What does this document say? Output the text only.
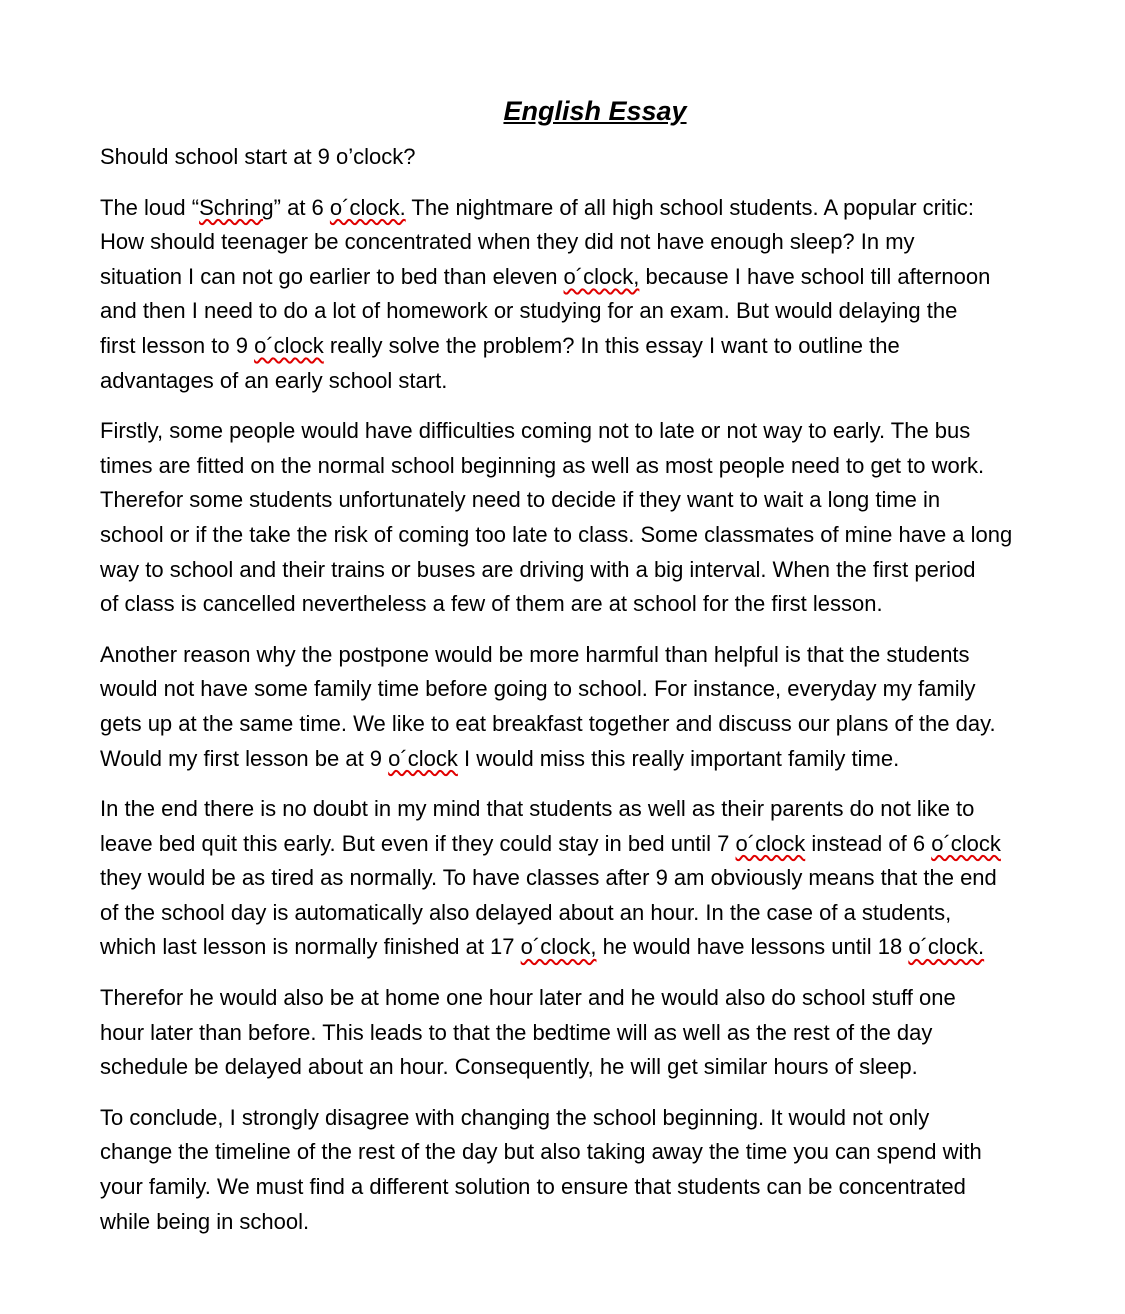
English Essay

Should school start at 9 o’clock?

The loud “Schring” at 6 o´clock. The nightmare of all high school students. A popular critic:
How should teenager be concentrated when they did not have enough sleep? In my
situation I can not go earlier to bed than eleven o´clock, because I have school till afternoon
and then I need to do a lot of homework or studying for an exam. But would delaying the
first lesson to 9 o´clock really solve the problem? In this essay I want to outline the
advantages of an early school start.

Firstly, some people would have difficulties coming not to late or not way to early. The bus
times are fitted on the normal school beginning as well as most people need to get to work.
Therefor some students unfortunately need to decide if they want to wait a long time in
school or if the take the risk of coming too late to class. Some classmates of mine have a long
way to school and their trains or buses are driving with a big interval. When the first period
of class is cancelled nevertheless a few of them are at school for the first lesson.

Another reason why the postpone would be more harmful than helpful is that the students
would not have some family time before going to school. For instance, everyday my family
gets up at the same time. We like to eat breakfast together and discuss our plans of the day.
Would my first lesson be at 9 o´clock I would miss this really important family time.

In the end there is no doubt in my mind that students as well as their parents do not like to
leave bed quit this early. But even if they could stay in bed until 7 o´clock instead of 6 o´clock
they would be as tired as normally. To have classes after 9 am obviously means that the end
of the school day is automatically also delayed about an hour. In the case of a students,
which last lesson is normally finished at 17 o´clock, he would have lessons until 18 o´clock.

Therefor he would also be at home one hour later and he would also do school stuff one
hour later than before. This leads to that the bedtime will as well as the rest of the day
schedule be delayed about an hour. Consequently, he will get similar hours of sleep.

To conclude, I strongly disagree with changing the school beginning. It would not only
change the timeline of the rest of the day but also taking away the time you can spend with
your family. We must find a different solution to ensure that students can be concentrated
while being in school.
